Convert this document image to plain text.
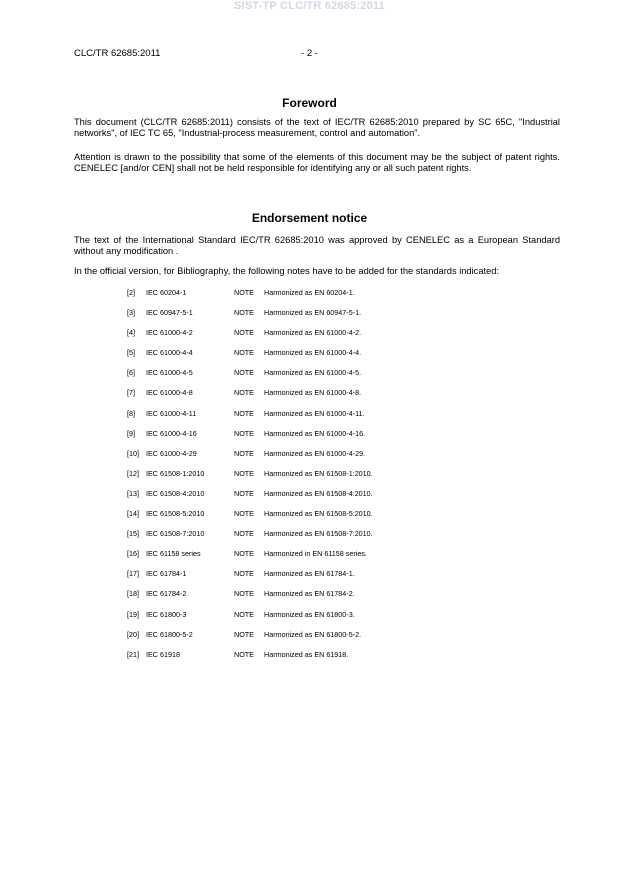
SIST-TP CLC/TR 62685:2011
CLC/TR 62685:2011	- 2 -
Foreword

This document (CLC/TR 62685:2011) consists of the text of IEC/TR 62685:2010 prepared by SC 65C, "Industrial networks", of IEC TC 65, "Industrial-process measurement, control and automation".

Attention is drawn to the possibility that some of the elements of this document may be the subject of patent rights. CENELEC [and/or CEN] shall not be held responsible for identifying any or all such patent rights.

Endorsement notice

The text of the International Standard IEC/TR 62685:2010 was approved by CENELEC as a European Standard without any modification .

In the official version, for Bibliography, the following notes have to be added for the standards indicated:

[2] IEC 60204-1	NOTE Harmonized as EN 60204-1.
[3] IEC 60947-5-1	NOTE Harmonized as EN 60947-5-1.
[4] IEC 61000-4-2	NOTE Harmonized as EN 61000-4-2.
[5] IEC 61000-4-4	NOTE Harmonized as EN 61000-4-4.
[6] IEC 61000-4-5	NOTE Harmonized as EN 61000-4-5.
[7] IEC 61000-4-8	NOTE Harmonized as EN 61000-4-8.
[8] IEC 61000-4-11	NOTE Harmonized as EN 61000-4-11.
[9] IEC 61000-4-16	NOTE Harmonized as EN 61000-4-16.
[10] IEC 61000-4-29	NOTE Harmonized as EN 61000-4-29.
[12] IEC 61508-1:2010	NOTE Harmonized as EN 61508-1:2010.
[13] IEC 61508-4:2010	NOTE Harmonized as EN 61508-4:2010.
[14] IEC 61508-5:2010	NOTE Harmonized as EN 61508-5:2010.
[15] IEC 61508-7:2010	NOTE Harmonized as EN 61508-7:2010.
[16] IEC 61158 series	NOTE Harmonized in EN 61158 series.
[17] IEC 61784-1	NOTE Harmonized as EN 61784-1.
[18] IEC 61784-2	NOTE Harmonized as EN 61784-2.
[19] IEC 61800-3	NOTE Harmonized as EN 61800-3.
[20] IEC 61800-5-2	NOTE Harmonized as EN 61800-5-2.
[21] IEC 61918	NOTE Harmonized as EN 61918.
